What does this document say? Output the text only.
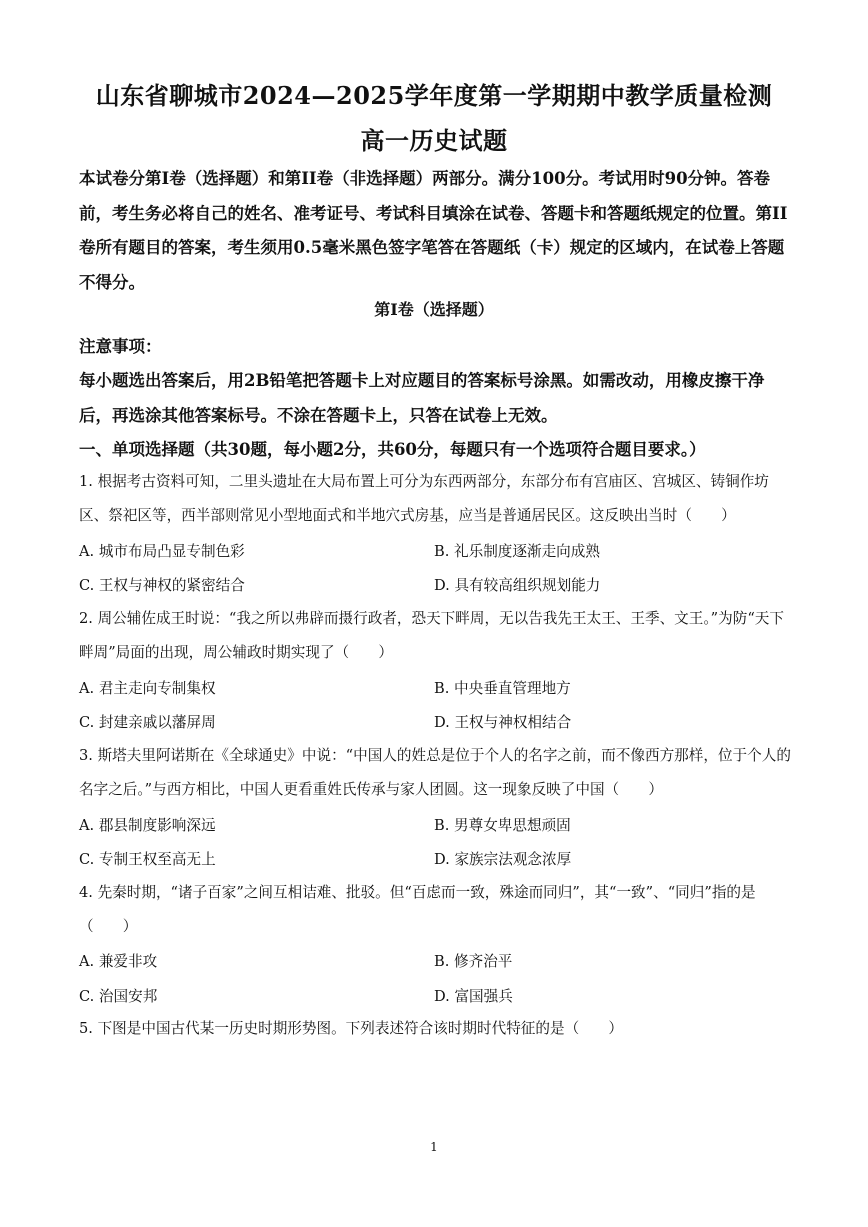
山东省聊城市2024—2025学年度第一学期期中教学质量检测
高一历史试题
本试卷分第Ⅰ卷（选择题）和第II卷（非选择题）两部分。满分100分。考试用时90分钟。答卷前，考生务必将自己的姓名、准考证号、考试科目填涂在试卷、答题卡和答题纸规定的位置。第II卷所有题目的答案，考生须用0.5毫米黑色签字笔答在答题纸（卡）规定的区域内，在试卷上答题不得分。
第Ⅰ卷（选择题）
注意事项：
每小题选出答案后，用2B铅笔把答题卡上对应题目的答案标号涂黑。如需改动，用橡皮擦干净后，再选涂其他答案标号。不涂在答题卡上，只答在试卷上无效。
一、单项选择题（共30题，每小题2分，共60分，每题只有一个选项符合题目要求。）
1. 根据考古资料可知，二里头遗址在大局布置上可分为东西两部分，东部分布有宫庙区、宫城区、铸铜作坊区、祭祀区等，西半部则常见小型地面式和半地穴式房基，应当是普通居民区。这反映出当时（　　）
A. 城市布局凸显专制色彩	B. 礼乐制度逐渐走向成熟
C. 王权与神权的紧密结合	D. 具有较高组织规划能力
2. 周公辅佐成王时说：“我之所以弗辟而摄行政者，恐天下畔周，无以告我先王太王、王季、文王。”为防“天下畔周”局面的出现，周公辅政时期实现了（　　）
A. 君主走向专制集权	B. 中央垂直管理地方
C. 封建亲戚以藩屏周	D. 王权与神权相结合
3. 斯塔夫里阿诺斯在《全球通史》中说：“中国人的姓总是位于个人的名字之前，而不像西方那样，位于个人的名字之后。”与西方相比，中国人更看重姓氏传承与家人团圆。这一现象反映了中国（　　）
A. 郡县制度影响深远	B. 男尊女卑思想顽固
C. 专制王权至高无上	D. 家族宗法观念浓厚
4. 先秦时期，“诸子百家”之间互相诘难、批驳。但“百虑而一致，殊途而同归”，其“一致”、“同归”指的是（　　）
A. 兼爱非攻	B. 修齐治平
C. 治国安邦	D. 富国强兵
5. 下图是中国古代某一历史时期形势图。下列表述符合该时期时代特征的是（　　）
1
